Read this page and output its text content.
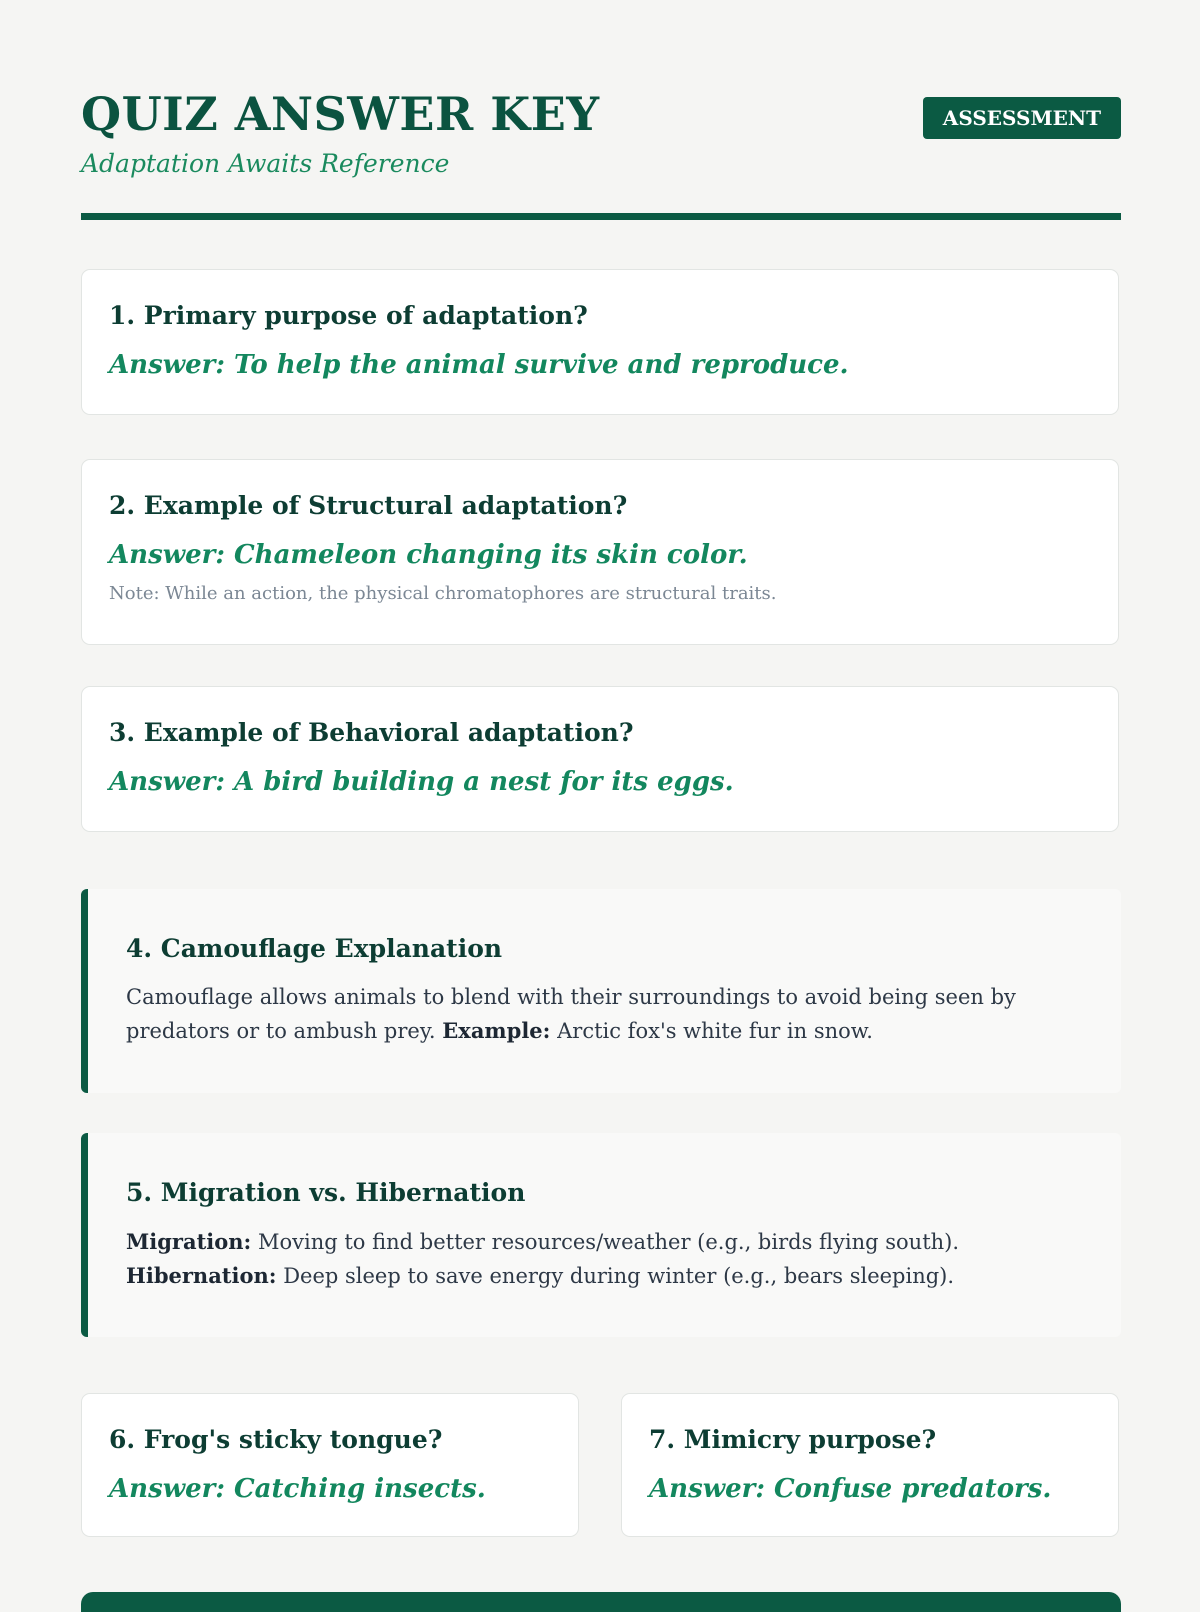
QUIZ ANSWER KEY

Adaptation Awaits Reference

ASSESSMENT

1. Primary purpose of adaptation?

Answer: To help the animal survive and reproduce.

2. Example of Structural adaptation?

Answer: Chameleon changing its skin color.

Note: While an action, the physical chromatophores are structural traits.

3. Example of Behavioral adaptation?

Answer: A bird building a nest for its eggs.

4. Camouflage Explanation

Camouflage allows animals to blend with their surroundings to avoid being seen by predators or to ambush prey. Example: Arctic fox's white fur in snow.

5. Migration vs. Hibernation

Migration: Moving to find better resources/weather (e.g., birds flying south).
Hibernation: Deep sleep to save energy during winter (e.g., bears sleeping).

6. Frog's sticky tongue?

Answer: Catching insects.

7. Mimicry purpose?

Answer: Confuse predators.
